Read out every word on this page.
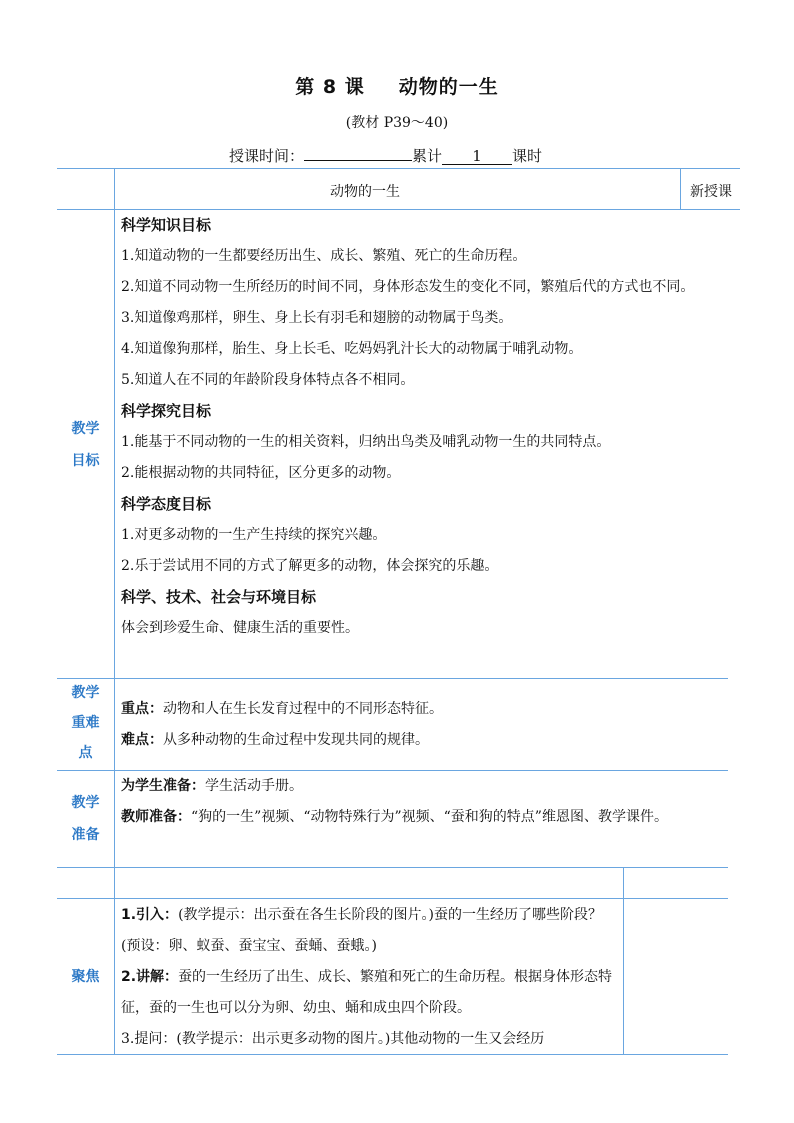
第 8 课 动物的一生
(教材 P39～40)
授课时间：	累计 1 课时
动物的一生	新授课
教学
目标

科学知识目标

1.知道动物的一生都要经历出生、成长、繁殖、死亡的生命历程。

2.知道不同动物一生所经历的时间不同，身体形态发生的变化不同，繁殖后代的方式也不同。

3.知道像鸡那样，卵生、身上长有羽毛和翅膀的动物属于鸟类。

4.知道像狗那样，胎生、身上长毛、吃妈妈乳汁长大的动物属于哺乳动物。

5.知道人在不同的年龄阶段身体特点各不相同。

科学探究目标

1.能基于不同动物的一生的相关资料，归纳出鸟类及哺乳动物一生的共同特点。

2.能根据动物的共同特征，区分更多的动物。

科学态度目标

1.对更多动物的一生产生持续的探究兴趣。

2.乐于尝试用不同的方式了解更多的动物，体会探究的乐趣。

科学、技术、社会与环境目标

体会到珍爱生命、健康生活的重要性。

教学
重难
点

重点：动物和人在生长发育过程中的不同形态特征。

难点：从多种动物的生命过程中发现共同的规律。

教学
准备

为学生准备：学生活动手册。

教师准备：“狗的一生”视频、“动物特殊行为”视频、“蚕和狗的特点”维恩图、教学课件。

聚焦

1.引入：(教学提示：出示蚕在各生长阶段的图片。)蚕的一生经历了哪些阶段？(预设：卵、蚁蚕、蚕宝宝、蚕蛹、蚕蛾。)

2.讲解：蚕的一生经历了出生、成长、繁殖和死亡的生命历程。根据身体形态特征，蚕的一生也可以分为卵、幼虫、蛹和成虫四个阶段。

3.提问：(教学提示：出示更多动物的图片。)其他动物的一生又会经历
